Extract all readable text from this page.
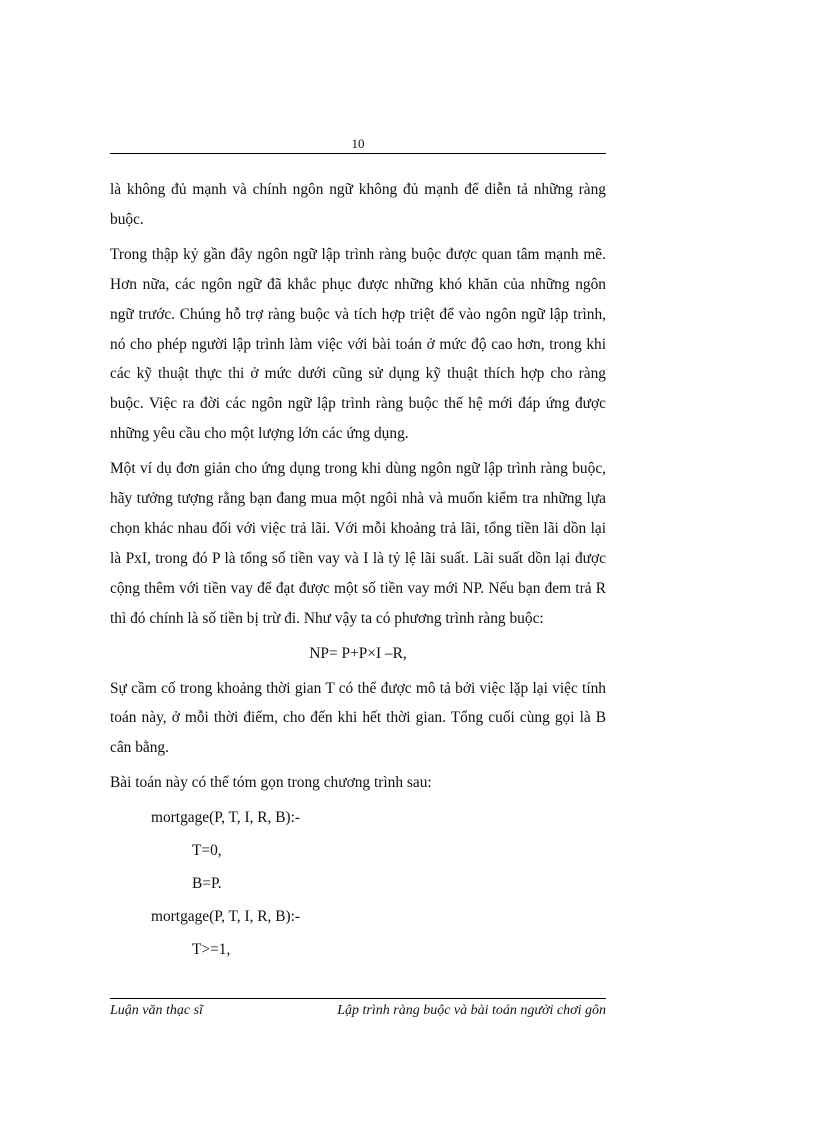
10

là không đủ mạnh và chính ngôn ngữ không đủ mạnh để diễn tả những ràng buộc.

Trong thập kỷ gần đây ngôn ngữ lập trình ràng buộc được quan tâm mạnh mẽ. Hơn nữa, các ngôn ngữ đã khắc phục được những khó khăn của những ngôn ngữ trước. Chúng hỗ trợ ràng buộc và tích hợp triệt để vào ngôn ngữ lập trình, nó cho phép người lập trình làm việc với bài toán ở mức độ cao hơn, trong khi các kỹ thuật thực thi ở mức dưới cũng sử dụng kỹ thuật thích hợp cho ràng buộc. Việc ra đời các ngôn ngữ lập trình ràng buộc thế hệ mới đáp ứng được những yêu cầu cho một lượng lớn các ứng dụng.

Một ví dụ đơn giản cho ứng dụng trong khi dùng ngôn ngữ lập trình ràng buộc, hãy tưởng tượng rằng bạn đang mua một ngôi nhà và muốn kiểm tra những lựa chọn khác nhau đối với việc trả lãi. Với mỗi khoảng trả lãi, tổng tiền lãi dồn lại là PxI, trong đó P là tổng số tiền vay và I là tỷ lệ lãi suất. Lãi suất dồn lại được cộng thêm với tiền vay để đạt được một số tiền vay mới NP. Nếu bạn đem trả R thì đó chính là số tiền bị trừ đi. Như vậy ta có phương trình ràng buộc:

NP= P+P×I –R,

Sự cầm cố trong khoảng thời gian T có thể được mô tả bởi việc lặp lại việc tính toán này, ở mỗi thời điểm, cho đến khi hết thời gian. Tổng cuối cùng gọi là B cân bằng.

Bài toán này có thể tóm gọn trong chương trình sau:

mortgage(P, T, I, R, B):-
T=0,
B=P.
mortgage(P, T, I, R, B):-
T>=1,
Luận văn thạc sĩ	Lập trình ràng buộc và bài toán người chơi gôn
